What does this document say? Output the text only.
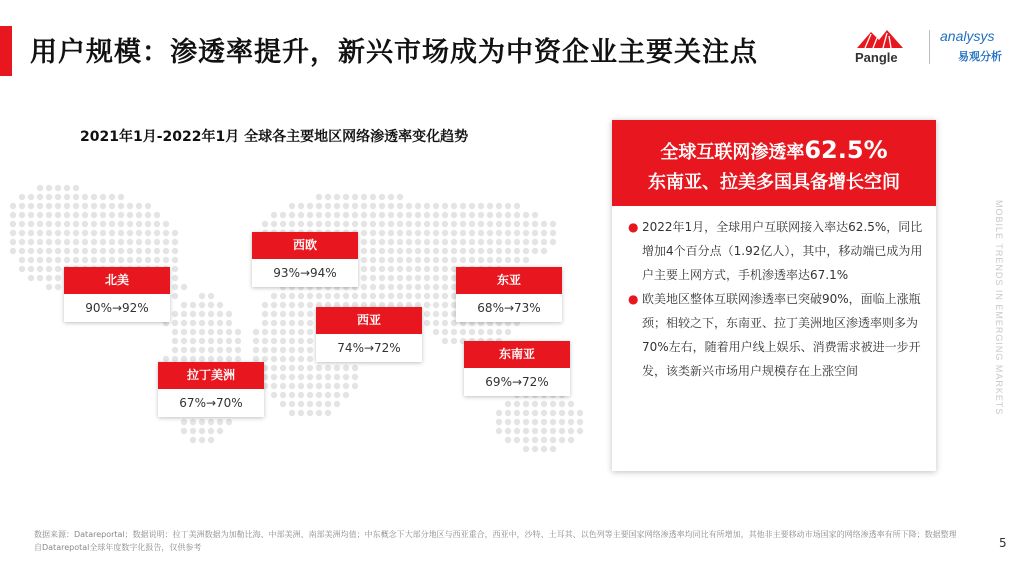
用户规模：渗透率提升，新兴市场成为中资企业主要关注点	Pangle
analysys
易观分析
2021年1月-2022年1月 全球各主要地区网络渗透率变化趋势
北美
90%→92%
西欧
93%→94%
西亚
74%→72%
东亚
68%→73%
东南亚
69%→72%
拉丁美洲
67%→70%
全球互联网渗透率62.5%
东南亚、拉美多国具备增长空间
● 2022年1月，全球用户互联网接入率达62.5%，同比增加4个百分点（1.92亿人），其中，移动端已成为用户主要上网方式，手机渗透率达67.1%
● 欧美地区整体互联网渗透率已突破90%，面临上涨瓶颈；相较之下，东南亚、拉丁美洲地区渗透率则多为70%左右，随着用户线上娱乐、消费需求被进一步开发，该类新兴市场用户规模存在上涨空间	MOBILE TRENDS IN EMERGING MARKETS
数据来源：Datareportal；数据说明：拉丁美洲数据为加勒比海、中部美洲、南部美洲均值；中东概念下大部分地区与西亚重合，西亚中，沙特、土耳其、以色列等主要国家网络渗透率均同比有所增加，其他非主要移动市场国家的网络渗透率有所下降；数据整理自Datarepotal全球年度数字化报告，仅供参考	5
